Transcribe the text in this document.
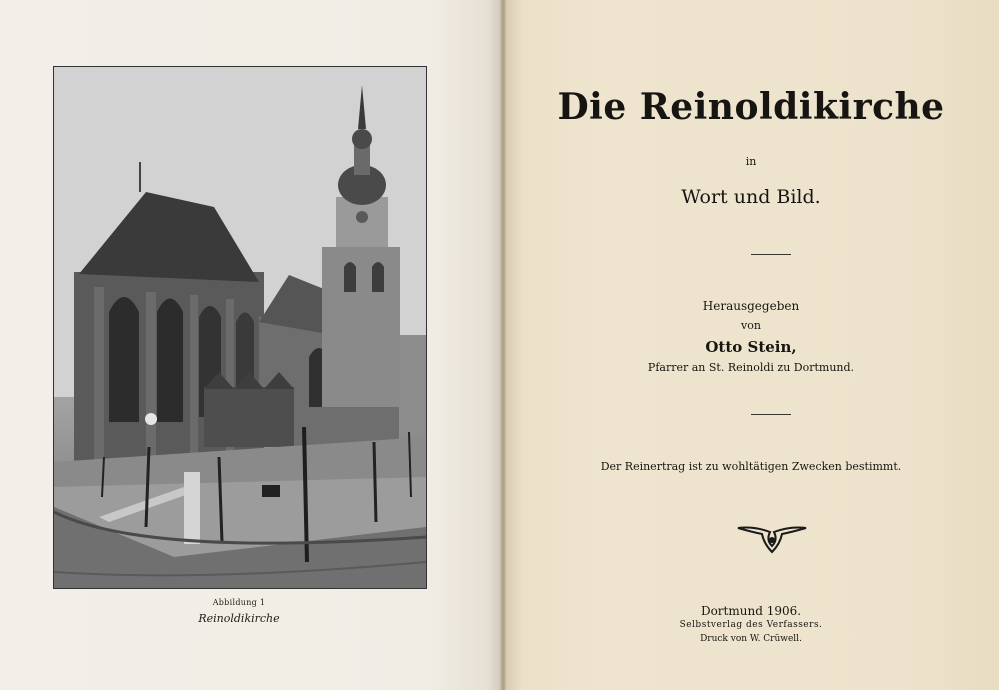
Abbildung 1
Reinoldikirche
Die Reinoldikirche
in
Wort und Bild.
Herausgegeben
von
Otto Stein,
Pfarrer an St. Reinoldi zu Dortmund.
Der Reinertrag ist zu wohltätigen Zwecken bestimmt.
Dortmund 1906.
Selbstverlag des Verfassers.
Druck von W. Crüwell.
